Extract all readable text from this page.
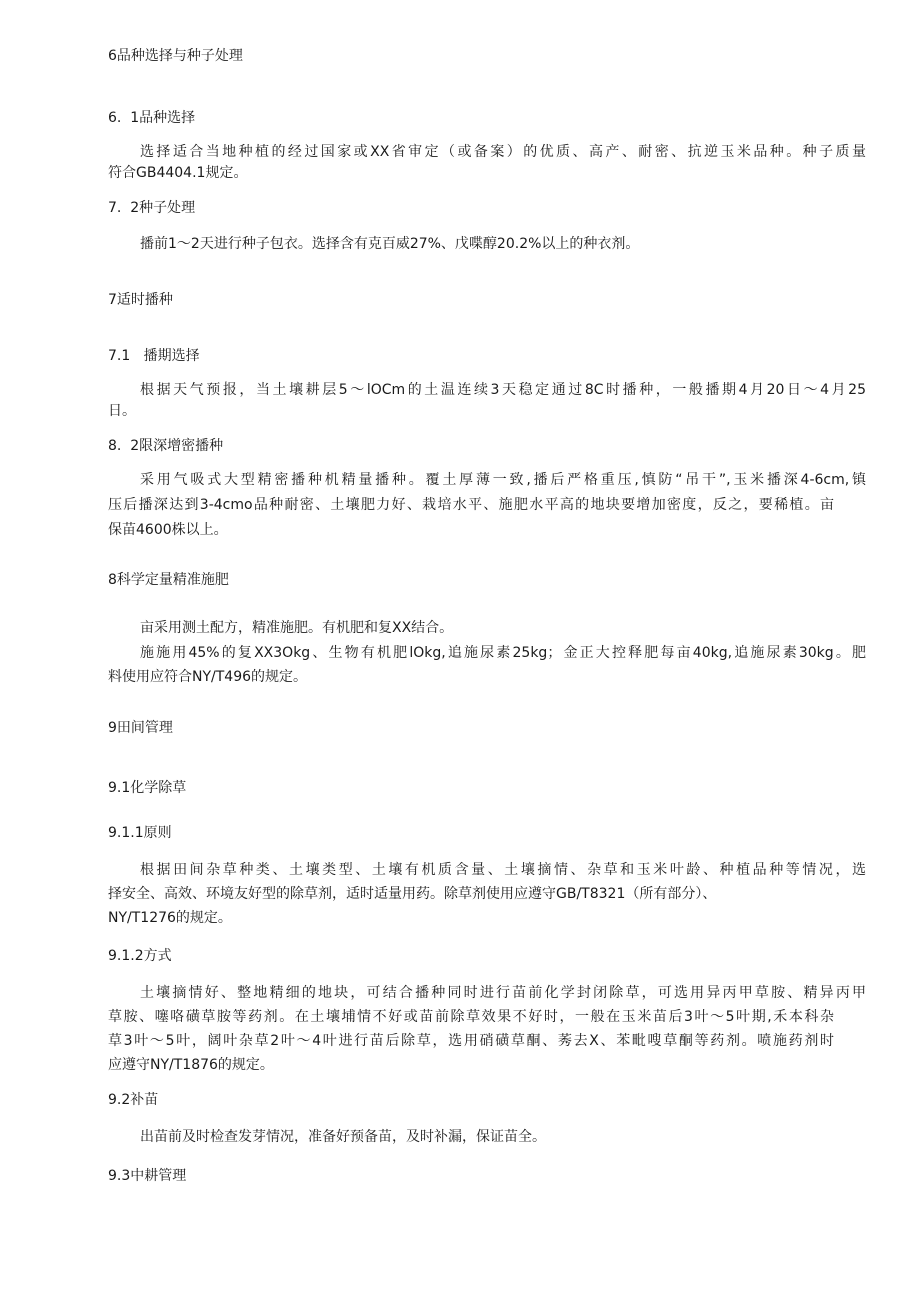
6品种选择与种子处理
6.  1品种选择
选择适合当地种植的经过国家或XX省审定（或备案）的优质、高产、耐密、抗逆玉米品种。种子质量
符合GB4404.1规定。
7.  2种子处理
播前1～2天进行种子包衣。选择含有克百威27%、戊喋醇20.2%以上的种衣剂。
7适时播种
7.1   播期选择
根据天气预报，当土壤耕层5～lOCm的土温连续3天稳定通过8C时播种，一般播期4月20日～4月25
日。
8.  2限深增密播种
采用气吸式大型精密播种机精量播种。覆土厚薄一致,播后严格重压,慎防“吊干”,玉米播深4-6cm,镇
压后播深达到3-4cmo品种耐密、土壤肥力好、栽培水平、施肥水平高的地块要增加密度，反之，要稀植。亩
保苗4600株以上。
8科学定量精准施肥
亩采用测土配方，精准施肥。有机肥和复XX结合。
施施用45%的复XX3Okg、生物有机肥lOkg,追施尿素25kg；金正大控释肥每亩40kg,追施尿素30kg。肥
料使用应符合NY/T496的规定。
9田间管理
9.1化学除草
9.1.1原则
根据田间杂草种类、土壤类型、土壤有机质含量、土壤摘情、杂草和玉米叶龄、种植品种等情况，选
择安全、高效、环境友好型的除草剂，适时适量用药。除草剂使用应遵守GB/T8321（所有部分）、
NY/T1276的规定。
9.1.2方式
土壤摘情好、整地精细的地块，可结合播种同时进行苗前化学封闭除草，可选用异丙甲草胺、精异丙甲
草胺、噻咯磺草胺等药剂。在土壤埔情不好或苗前除草效果不好时，一般在玉米苗后3叶～5叶期,禾本科杂
草3叶～5叶，阔叶杂草2叶～4叶进行苗后除草，选用硝磺草酮、莠去X、苯毗嗖草酮等药剂。喷施药剂时
应遵守NY/T1876的规定。
9.2补苗
出苗前及时检查发芽情况，准备好预备苗，及时补漏，保证苗全。
9.3中耕管理
